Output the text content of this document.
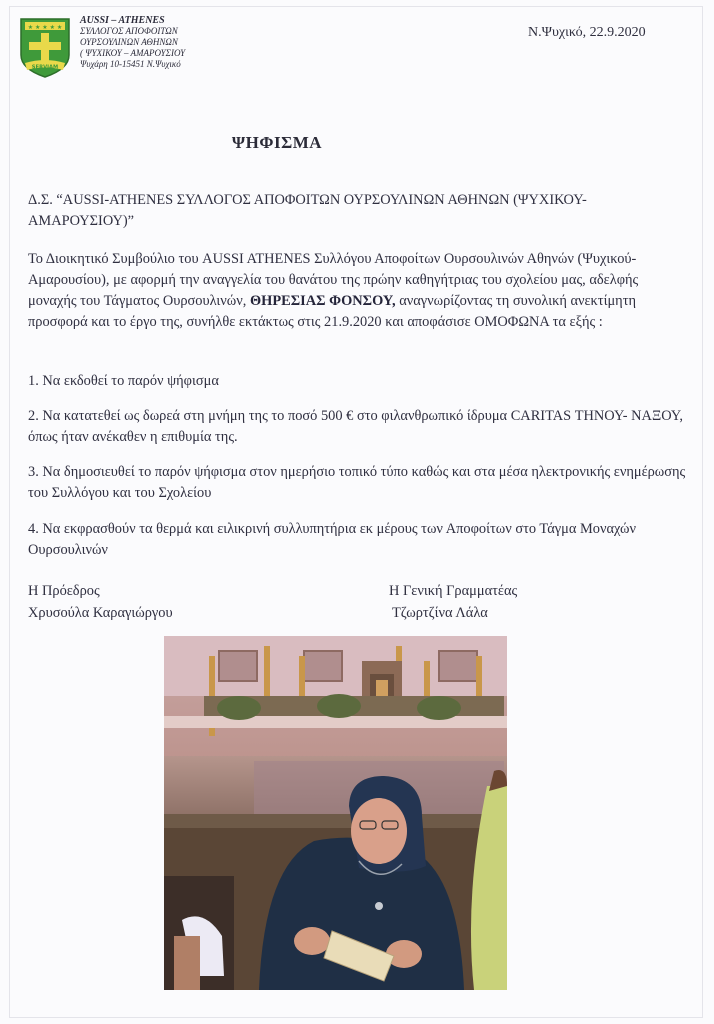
★ ★ ★ ★ ★
SERVIAM
AUSSI – ATHENES
ΣΥΛΛΟΓΟΣ ΑΠΟΦΟΙΤΩΝ
ΟΥΡΣΟΥΛΙΝΩΝ ΑΘΗΝΩΝ
( ΨΥΧΙΚΟΥ – ΑΜΑΡΟΥΣΙΟΥ
Ψυχάρη 10-15451 Ν.Ψυχικό
Ν.Ψυχικό, 22.9.2020
ΨΗΦΙΣΜΑ
Δ.Σ. “AUSSI-ATHENES ΣΥΛΛΟΓΟΣ ΑΠΟΦΟΙΤΩΝ ΟΥΡΣΟΥΛΙΝΩΝ ΑΘΗΝΩΝ (ΨΥΧΙΚΟΥ-ΑΜΑΡΟΥΣΙΟΥ)”
Το Διοικητικό Συμβούλιο του AUSSI ATHENES Συλλόγου Αποφοίτων Ουρσουλινών Αθηνών (Ψυχικού-Αμαρουσίου), με αφορμή την αναγγελία του θανάτου της πρώην καθηγήτριας του σχολείου μας, αδελφής μοναχής του Τάγματος Ουρσουλινών, ΘΗΡΕΣΙΑΣ ΦΟΝΣΟΥ, αναγνωρίζοντας τη συνολική ανεκτίμητη προσφορά και το έργο της, συνήλθε εκτάκτως στις 21.9.2020 και αποφάσισε ΟΜΟΦΩΝΑ τα εξής :
1. Να εκδοθεί το παρόν ψήφισμα
2. Να κατατεθεί ως δωρεά στη μνήμη της το ποσό 500 € στο φιλανθρωπικό ίδρυμα CARITAS ΤΗΝΟΥ- ΝΑΞΟΥ, όπως ήταν ανέκαθεν η επιθυμία της.
3. Να δημοσιευθεί το παρόν ψήφισμα στον ημερήσιο τοπικό τύπο καθώς και στα μέσα ηλεκτρονικής ενημέρωσης του Συλλόγου και του Σχολείου
4. Να εκφρασθούν τα θερμά και ειλικρινή συλλυπητήρια εκ μέρους των Αποφοίτων στο Τάγμα Μοναχών Ουρσουλινών
Η Πρόεδρος
Χρυσούλα Καραγιώργου
Η Γενική Γραμματέας
Τζωρτζίνα Λάλα
